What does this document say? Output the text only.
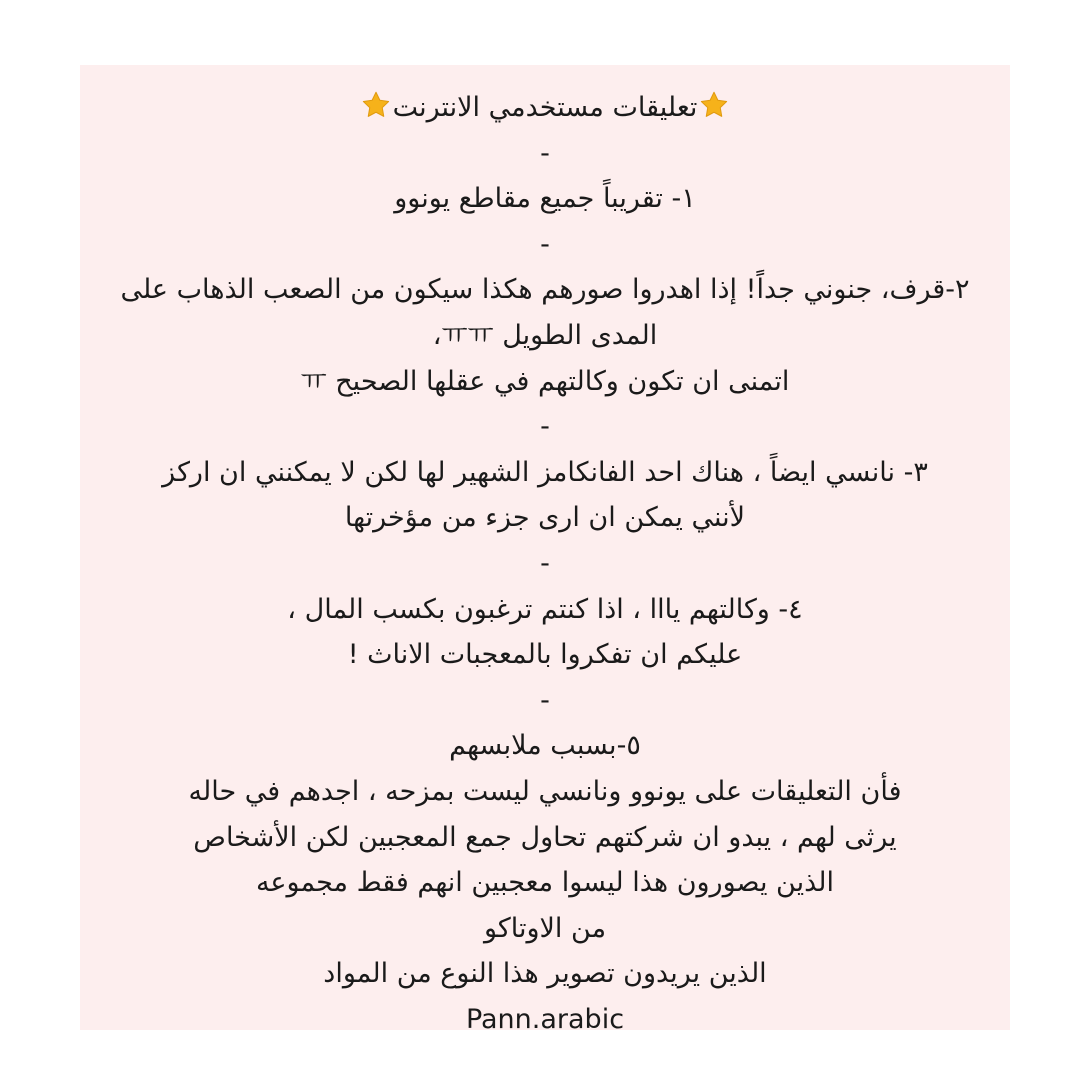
تعليقات مستخدمي الانترنت
-
١- تقريباً جميع مقاطع يونوو
-
٢-قرف، جنوني جداًً! إذا اهدروا صورهم هكذا سيكون من الصعب الذهاب على
المدى الطويل ㅠㅠ،
اتمنى ان تكون وكالتهم في عقلها الصحيح ㅠ
-
٣- نانسي ايضاً ، هناك احد الفانكامز الشهير لها لكن لا يمكنني ان اركز
لأنني يمكن ان ارى جزء من مؤخرتها
-
٤- وكالتهم يااا ، اذا كنتم ترغبون بكسب المال ،
عليكم ان تفكروا بالمعجبات الاناث !
-
٥-بسبب ملابسهم
فأن التعليقات على يونوو ونانسي ليست بمزحه ، اجدهم في حاله
يرثى لهم ، يبدو ان شركتهم تحاول جمع المعجبين لكن الأشخاص
الذين يصورون هذا ليسوا معجبين انهم فقط مجموعه
من الاوتاكو
الذين يريدون تصوير هذا النوع من المواد
Pann.arabic
